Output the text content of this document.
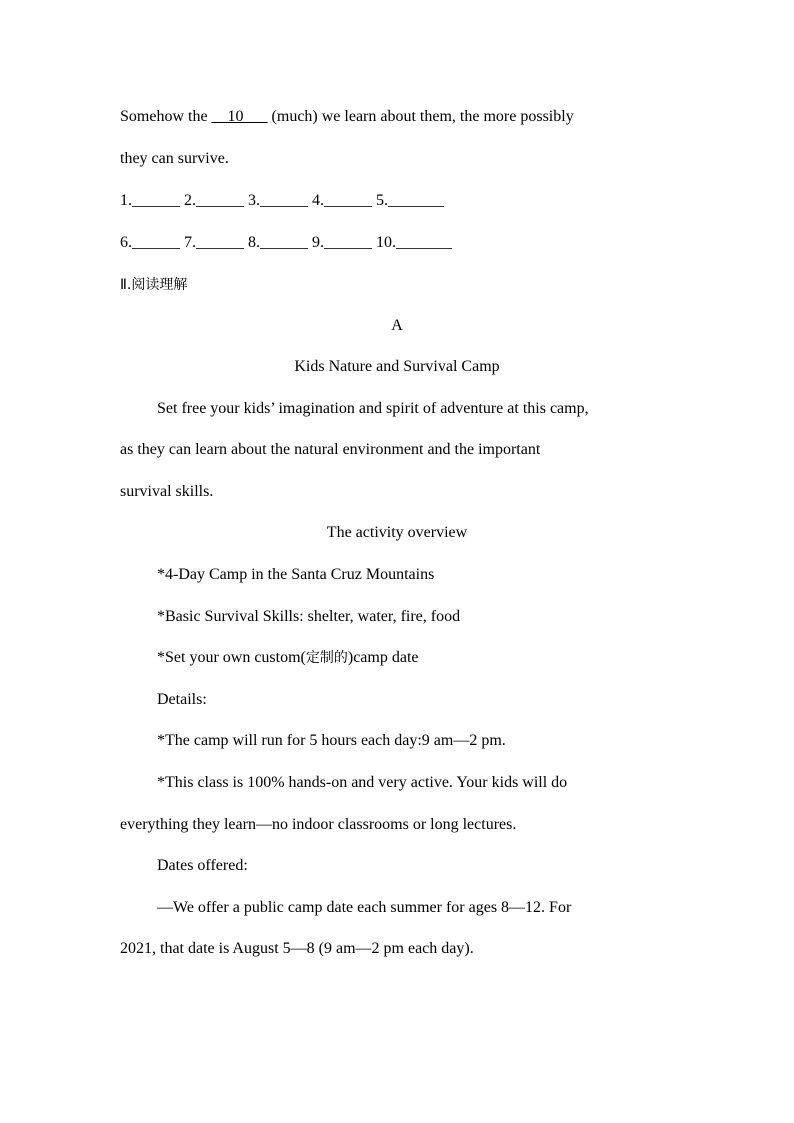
Somehow the __10___ (much) we learn about them, the more possibly
they can survive.
1.______ 2.______ 3.______ 4.______ 5._______
6.______ 7.______ 8.______ 9.______ 10._______
Ⅱ.阅读理解
A
Kids Nature and Survival Camp
Set free your kids’ imagination and spirit of adventure at this camp,
as they can learn about the natural environment and the important
survival skills.
The activity overview
*4-Day Camp in the Santa Cruz Mountains
*Basic Survival Skills: shelter, water, fire, food
*Set your own custom(定制的)camp date
Details:
*The camp will run for 5 hours each day:9 am—2 pm.
*This class is 100% hands-on and very active. Your kids will do
everything they learn—no indoor classrooms or long lectures.
Dates offered:
—We offer a public camp date each summer for ages 8—12. For
2021, that date is August 5—8 (9 am—2 pm each day).
